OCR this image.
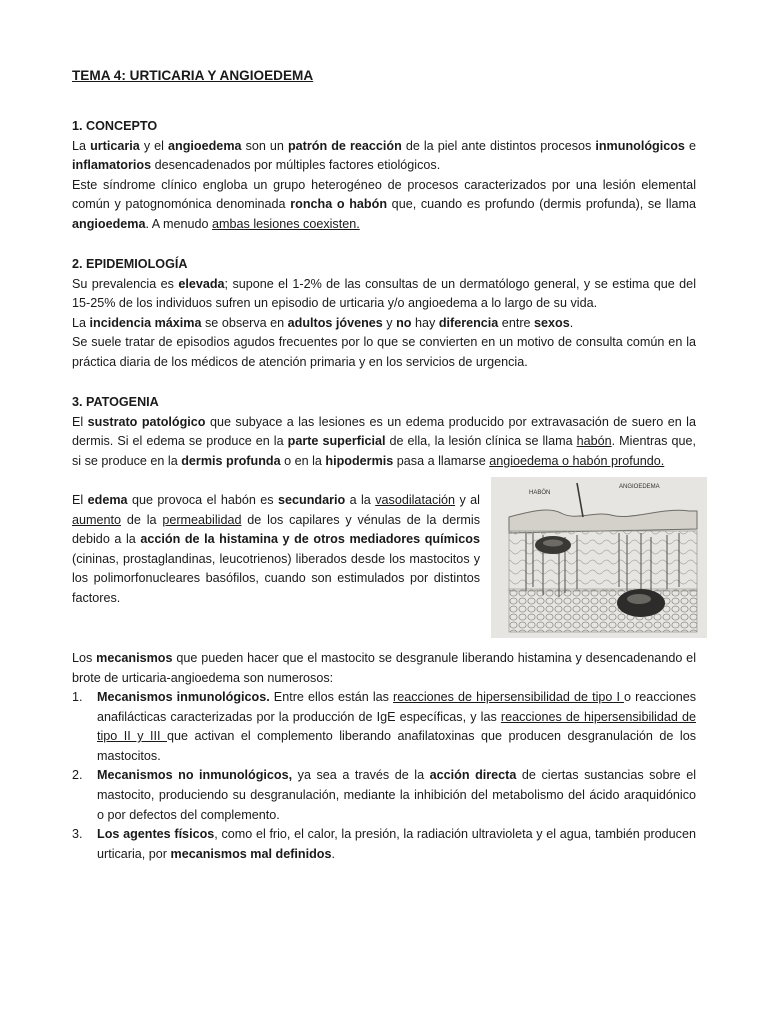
TEMA 4: URTICARIA Y ANGIOEDEMA
1. CONCEPTO

La urticaria y el angioedema son un patrón de reacción de la piel ante distintos procesos inmunológicos e inflamatorios desencadenados por múltiples factores etiológicos.

Este síndrome clínico engloba un grupo heterogéneo de procesos caracterizados por una lesión elemental común y patognomónica denominada roncha o habón que, cuando es profundo (dermis profunda), se llama angioedema. A menudo ambas lesiones coexisten.

2. EPIDEMIOLOGÍA

Su prevalencia es elevada; supone el 1-2% de las consultas de un dermatólogo general, y se estima que del 15-25% de los individuos sufren un episodio de urticaria y/o angioedema a lo largo de su vida.

La incidencia máxima se observa en adultos jóvenes y no hay diferencia entre sexos.

Se suele tratar de episodios agudos frecuentes por lo que se convierten en un motivo de consulta común en la práctica diaria de los médicos de atención primaria y en los servicios de urgencia.

3. PATOGENIA

El sustrato patológico que subyace a las lesiones es un edema producido por extravasación de suero en la dermis. Si el edema se produce en la parte superficial de ella, la lesión clínica se llama habón. Mientras que, si se produce en la dermis profunda o en la hipodermis pasa a llamarse angioedema o habón profundo.

El edema que provoca el habón es secundario a la vasodilatación y al aumento de la permeabilidad de los capilares y vénulas de la dermis debido a la acción de la histamina y de otros mediadores químicos (cininas, prostaglandinas, leucotrienos) liberados desde los mastocitos y los polimorfonucleares basófilos, cuando son estimulados por distintos factores.
HABÓN
ANGIOEDEMA
Los mecanismos que pueden hacer que el mastocito se desgranule liberando histamina y desencadenando el brote de urticaria-angioedema son numerosos:
1. Mecanismos inmunológicos. Entre ellos están las reacciones de hipersensibilidad de tipo I o reacciones anafilácticas caracterizadas por la producción de IgE específicas, y las reacciones de hipersensibilidad de tipo II y III que activan el complemento liberando anafilatoxinas que producen desgranulación de los mastocitos.
2. Mecanismos no inmunológicos, ya sea a través de la acción directa de ciertas sustancias sobre el mastocito, produciendo su desgranulación, mediante la inhibición del metabolismo del ácido araquidónico o por defectos del complemento.
3. Los agentes físicos, como el frio, el calor, la presión, la radiación ultravioleta y el agua, también producen urticaria, por mecanismos mal definidos.
